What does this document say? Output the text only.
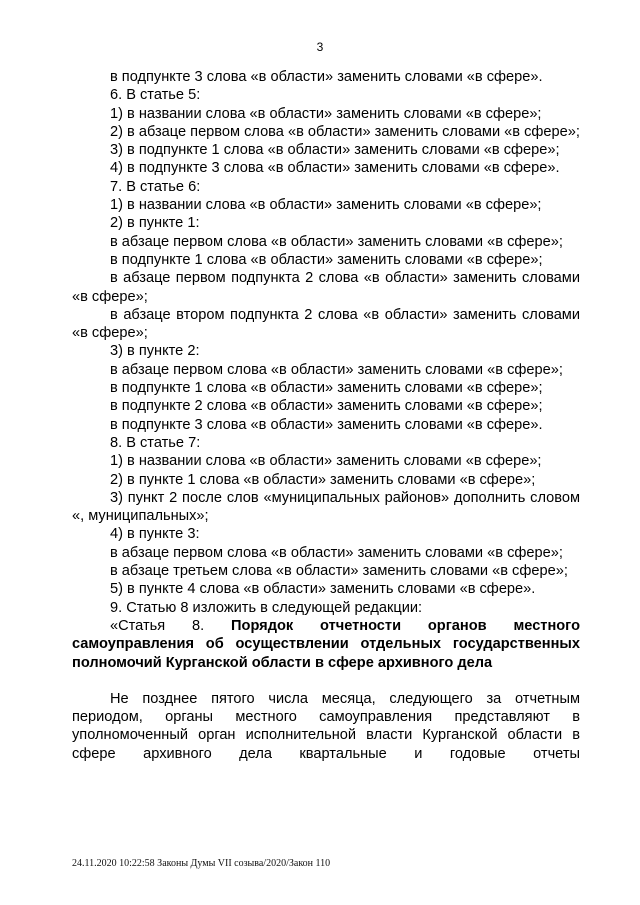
3
в подпункте 3 слова «в области» заменить словами «в сфере».
6. В статье 5:
1) в названии слова «в области» заменить словами «в сфере»;
2) в абзаце первом слова «в области» заменить словами «в сфере»;
3) в подпункте 1 слова «в области» заменить словами «в сфере»;
4) в подпункте 3 слова «в области» заменить словами «в сфере».
7. В статье 6:
1) в названии слова «в области» заменить словами «в сфере»;
2) в пункте 1:
в абзаце первом слова «в области» заменить словами «в сфере»;
в подпункте 1 слова «в области» заменить словами «в сфере»;
в абзаце первом подпункта 2 слова «в области» заменить словами «в сфере»;
в абзаце втором подпункта 2 слова «в области» заменить словами «в сфере»;
3) в пункте 2:
в абзаце первом слова «в области» заменить словами «в сфере»;
в подпункте 1 слова «в области» заменить словами «в сфере»;
в подпункте 2 слова «в области» заменить словами «в сфере»;
в подпункте 3 слова «в области» заменить словами «в сфере».
8. В статье 7:
1) в названии слова «в области» заменить словами «в сфере»;
2) в пункте 1 слова «в области» заменить словами «в сфере»;
3) пункт 2 после слов «муниципальных районов» дополнить словом «, муниципальных»;
4) в пункте 3:
в абзаце первом слова «в области» заменить словами «в сфере»;
в абзаце третьем слова «в области» заменить словами «в сфере»;
5) в пункте 4 слова «в области» заменить словами «в сфере».
9. Статью 8 изложить в следующей редакции:
«Статья 8. Порядок отчетности органов местного самоуправления об осуществлении отдельных государственных полномочий Курганской области в сфере архивного дела
Не позднее пятого числа месяца, следующего за отчетным периодом, органы местного самоуправления представляют в уполномоченный орган исполнительной власти Курганской области в сфере архивного дела квартальные и годовые отчеты
24.11.2020 10:22:58 Законы Думы VII созыва/2020/Закон 110
